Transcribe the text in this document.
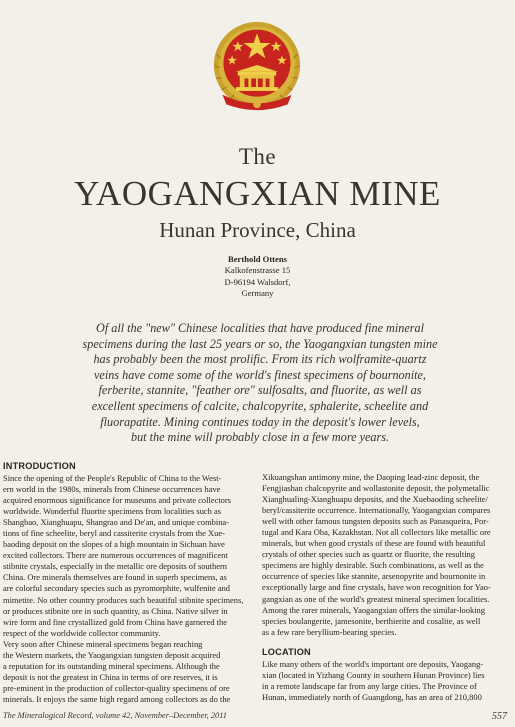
The
YAOGANGXIAN MINE
Hunan Province, China
Berthold Ottens
Kalkofenstrasse 15
D-96194 Walsdorf,
Germany
Of all the "new" Chinese localities that have produced fine mineral
specimens during the last 25 years or so, the Yaogangxian tungsten mine
has probably been the most prolific. From its rich wolframite-quartz
veins have come some of the world's finest specimens of bournonite,
ferberite, stannite, "feather ore" sulfosalts, and fluorite, as well as
excellent specimens of calcite, chalcopyrite, sphalerite, scheelite and
fluorapatite. Mining continues today in the deposit's lower levels,
but the mine will probably close in a few more years.
INTRODUCTION
Since the opening of the People's Republic of China to the West-
ern world in the 1980s, minerals from Chinese occurrences have
acquired enormous significance for museums and private collectors
worldwide. Wonderful fluorite specimens from localities such as
Shangbao, Xianghuapu, Shangrao and De'an, and unique combina-
tions of fine scheelite, beryl and cassiterite crystals from the Xue-
baoding deposit on the slopes of a high mountain in Sichuan have
excited collectors. There are numerous occurrences of magnificent
stibnite crystals, especially in the metallic ore deposits of southern
China. Ore minerals themselves are found in superb specimens, as
are colorful secondary species such as pyromorphite, wulfenite and
mimetite. No other country produces such beautiful stibnite specimens,
or produces stibnite ore in such quantity, as China. Native silver in
wire form and fine crystallized gold from China have garnered the
respect of the worldwide collector community.
Very soon after Chinese mineral specimens began reaching
the Western markets, the Yaogangxian tungsten deposit acquired
a reputation for its outstanding mineral specimens. Although the
deposit is not the greatest in China in terms of ore reserves, it is
pre-eminent in the production of collector-quality specimens of ore
minerals. It enjoys the same high regard among collectors as do the
Xikuangshan antimony mine, the Daoping lead-zinc deposit, the
Fengjiashan chalcopyrite and wollastonite deposit, the polymetallic
Xianghualing-Xianghuapu deposits, and the Xuebaoding scheelite/
beryl/cassiterite occurrence. Internationally, Yaogangxian compares
well with other famous tungsten deposits such as Panasqueira, Por-
tugal and Kara Oba, Kazakhstan. Not all collectors like metallic ore
minerals, but when good crystals of these are found with beautiful
crystals of other species such as quartz or fluorite, the resulting
specimens are highly desirable. Such combinations, as well as the
occurrence of species like stannite, arsenopyrite and bournonite in
exceptionally large and fine crystals, have won recognition for Yao-
gangxian as one of the world's greatest mineral specimen localities.
Among the rarer minerals, Yaogangxian offers the similar-looking
species boulangerite, jamesonite, berthierite and cosalite, as well
as a few rare beryllium-bearing species.
LOCATION
Like many others of the world's important ore deposits, Yaogang-
xian (located in Yizhang County in southern Hunan Province) lies
in a remote landscape far from any large cities. The Province of
Hunan, immediately north of Guangdong, has an area of 210,800
The Mineralogical Record, volume 42, November–December, 2011	557
